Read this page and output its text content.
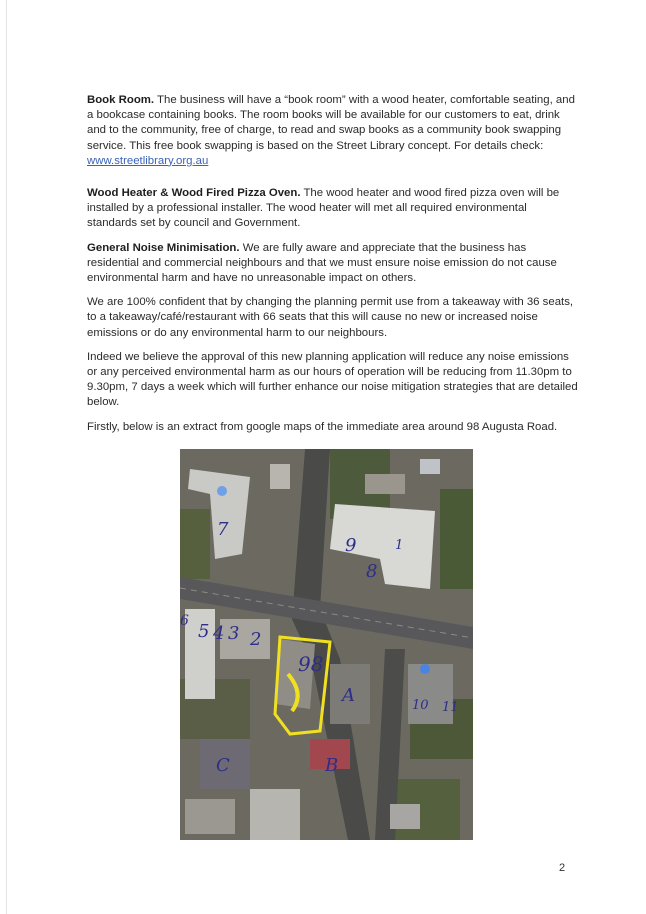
Book Room. The business will have a “book room” with a wood heater, comfortable seating, and a bookcase containing books. The room books will be available for our customers to eat, drink and to the community, free of charge, to read and swap books as a community book swapping service. This free book swapping is based on the Street Library concept. For details check:
www.streetlibrary.org.au

Wood Heater & Wood Fired Pizza Oven. The wood heater and wood fired pizza oven will be installed by a professional installer. The wood heater will met all required environmental standards set by council and Government.

General Noise Minimisation. We are fully aware and appreciate that the business has residential and commercial neighbours and that we must ensure noise emission do not cause environmental harm and have no unreasonable impact on others.

We are 100% confident that by changing the planning permit use from a takeaway with 36 seats, to a takeaway/café/restaurant with 66 seats that this will cause no new or increased noise emissions or do any environmental harm to our neighbours.

Indeed we believe the approval of this new planning application will reduce any noise emissions or any perceived environmental harm as our hours of operation will be reducing from 11.30pm to 9.30pm, 7 days a week which will further enhance our noise mitigation strategies that are detailed below.

Firstly, below is an extract from google maps of the immediate area around 98 Augusta Road.

7
9
8
6 5 4 3 2
1
98
A	10 11
B
C
2
